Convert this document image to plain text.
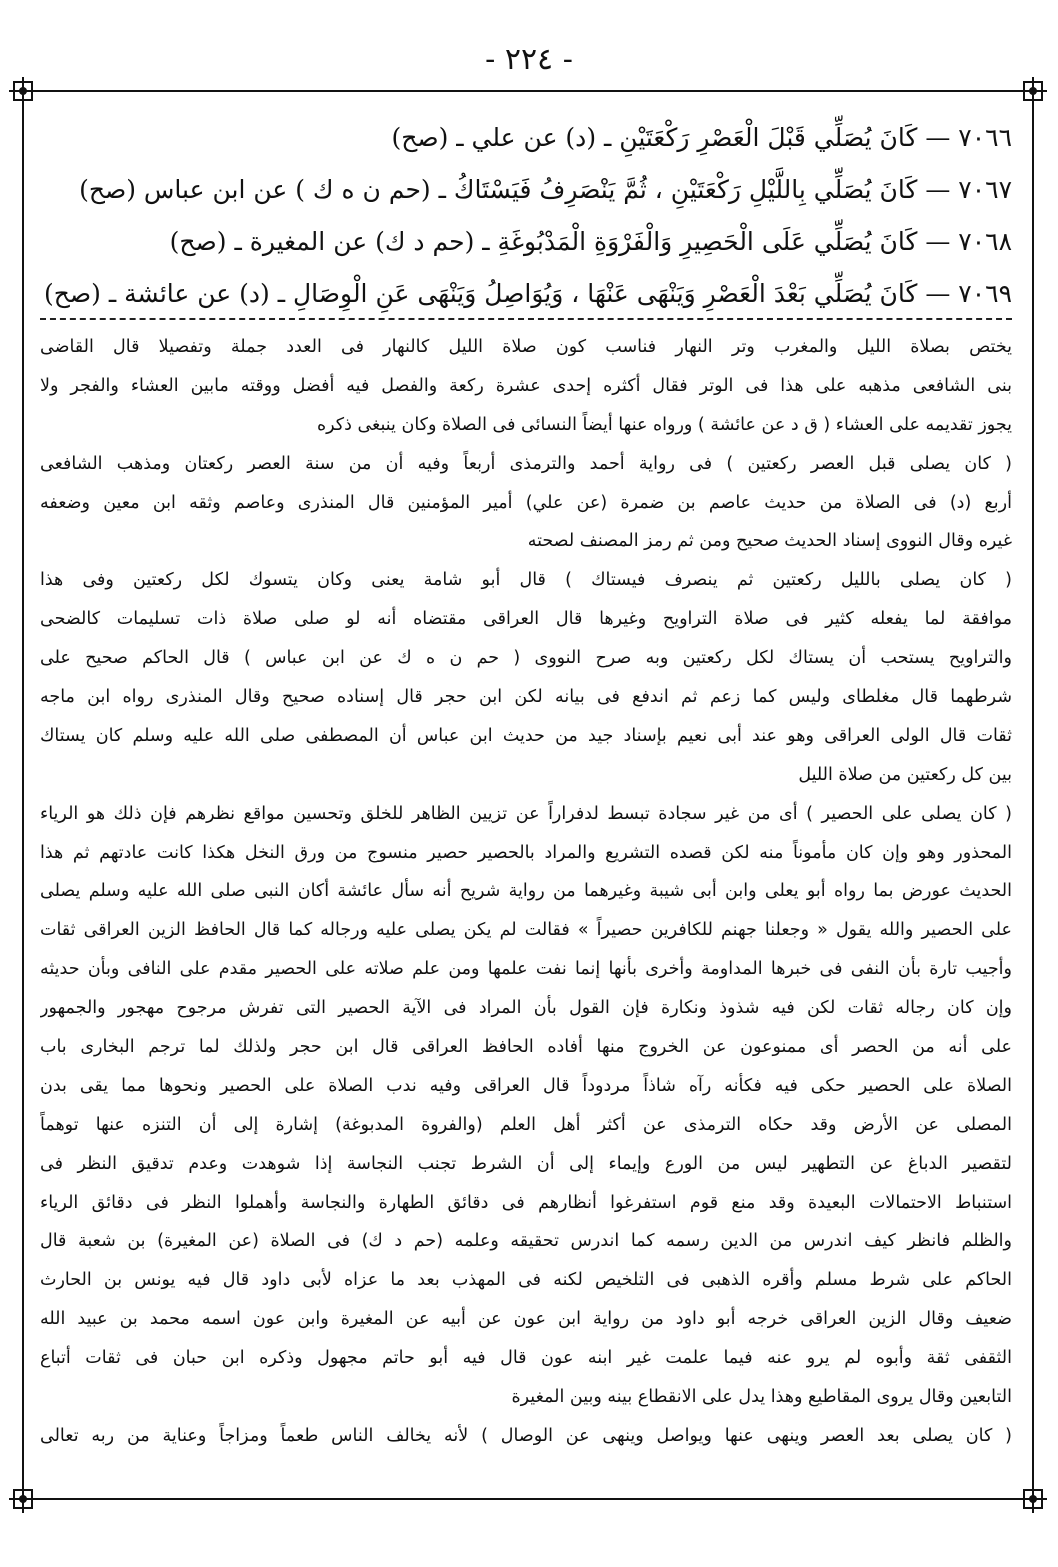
- ٢٢٤ -
٧٠٦٦ — كَانَ يُصَلِّي قَبْلَ الْعَصْرِ رَكْعَتَيْنِ ـ (د) عن علي ـ (صح)
٧٠٦٧ — كَانَ يُصَلِّي بِاللَّيْلِ رَكْعَتَيْنِ ، ثُمَّ يَنْصَرِفُ فَيَسْتَاكُ ـ (حم ن ه ك ) عن ابن عباس (صح)
٧٠٦٨ — كَانَ يُصَلِّي عَلَى الْحَصِيرِ وَالْفَرْوَةِ الْمَدْبُوغَةِ ـ (حم د ك) عن المغيرة ـ (صح)
٧٠٦٩ — كَانَ يُصَلِّي بَعْدَ الْعَصْرِ وَيَنْهَى عَنْهَا ، وَيُوَاصِلُ وَيَنْهَى عَنِ الْوِصَالِ ـ (د) عن عائشة ـ (صح)
يختص بصلاة الليل والمغرب وتر النهار فناسب كون صلاة الليل كالنهار فى العدد جملة وتفصيلا قال القاضى
بنى الشافعى مذهبه على هذا فى الوتر فقال أكثره إحدى عشرة ركعة والفصل فيه أفضل ووقته مابين العشاء والفجر ولا
يجوز تقديمه على العشاء ( ق د عن عائشة ) ورواه عنها أيضاً النسائى فى الصلاة وكان ينبغى ذكره
( كان يصلى قبل العصر ركعتين ) فى رواية أحمد والترمذى أربعاً وفيه أن من سنة العصر ركعتان ومذهب الشافعى
أربع (د) فى الصلاة من حديث عاصم بن ضمرة (عن علي) أمير المؤمنين قال المنذرى وعاصم وثقه ابن معين وضعفه
غيره وقال النووى إسناد الحديث صحيح ومن ثم رمز المصنف لصحته
( كان يصلى بالليل ركعتين ثم ينصرف فيستاك ) قال أبو شامة يعنى وكان يتسوك لكل ركعتين وفى هذا
موافقة لما يفعله كثير فى صلاة التراويح وغيرها قال العراقى مقتضاه أنه لو صلى صلاة ذات تسليمات كالضحى
والتراويح يستحب أن يستاك لكل ركعتين وبه صرح النووى ( حم ن ه ك عن ابن عباس ) قال الحاكم صحيح على
شرطهما قال مغلطاى وليس كما زعم ثم اندفع فى بيانه لكن ابن حجر قال إسناده صحيح وقال المنذرى رواه ابن ماجه
ثقات قال الولى العراقى وهو عند أبى نعيم بإسناد جيد من حديث ابن عباس أن المصطفى صلى الله عليه وسلم كان يستاك
بين كل ركعتين من صلاة الليل
( كان يصلى على الحصير ) أى من غير سجادة تبسط لدفراراً عن تزيين الظاهر للخلق وتحسين مواقع نظرهم فإن ذلك هو الرياء
المحذور وهو وإن كان مأموناً منه لكن قصده التشريع والمراد بالحصير حصير منسوج من ورق النخل هكذا كانت عادتهم ثم هذا
الحديث عورض بما رواه أبو يعلى وابن أبى شيبة وغيرهما من رواية شريح أنه سأل عائشة أكان النبى صلى الله عليه وسلم يصلى
على الحصير والله يقول « وجعلنا جهنم للكافرين حصيراً » فقالت لم يكن يصلى عليه ورجاله كما قال الحافظ الزين العراقى ثقات
وأجيب تارة بأن النفى فى خبرها المداومة وأخرى بأنها إنما نفت علمها ومن علم صلاته على الحصير مقدم على النافى وبأن حديثه
وإن كان رجاله ثقات لكن فيه شذوذ ونكارة فإن القول بأن المراد فى الآية الحصير التى تفرش مرجوح مهجور والجمهور
على أنه من الحصر أى ممنوعون عن الخروج منها أفاده الحافظ العراقى قال ابن حجر ولذلك لما ترجم البخارى باب
الصلاة على الحصير حكى فيه فكأنه رآه شاذاً مردوداً قال العراقى وفيه ندب الصلاة على الحصير ونحوها مما يقى بدن
المصلى عن الأرض وقد حكاه الترمذى عن أكثر أهل العلم (والفروة المدبوغة) إشارة إلى أن التنزه عنها توهماً
لتقصير الدباغ عن التطهير ليس من الورع وإيماء إلى أن الشرط تجنب النجاسة إذا شوهدت وعدم تدقيق النظر فى
استنباط الاحتمالات البعيدة وقد منع قوم استفرغوا أنظارهم فى دقائق الطهارة والنجاسة وأهملوا النظر فى دقائق الرياء
والظلم فانظر كيف اندرس من الدين رسمه كما اندرس تحقيقه وعلمه (حم د ك) فى الصلاة (عن المغيرة) بن شعبة قال
الحاكم على شرط مسلم وأقره الذهبى فى التلخيص لكنه فى المهذب بعد ما عزاه لأبى داود قال فيه يونس بن الحارث
ضعيف وقال الزين العراقى خرجه أبو داود من رواية ابن عون عن أبيه عن المغيرة وابن عون اسمه محمد بن عبيد الله
الثقفى ثقة وأبوه لم يرو عنه فيما علمت غير ابنه عون قال فيه أبو حاتم مجهول وذكره ابن حبان فى ثقات أتباع
التابعين وقال يروى المقاطيع وهذا يدل على الانقطاع بينه وبين المغيرة
( كان يصلى بعد العصر وينهى عنها ويواصل وينهى عن الوصال ) لأنه يخالف الناس طعماً ومزاجاً وعناية من ربه تعالى
